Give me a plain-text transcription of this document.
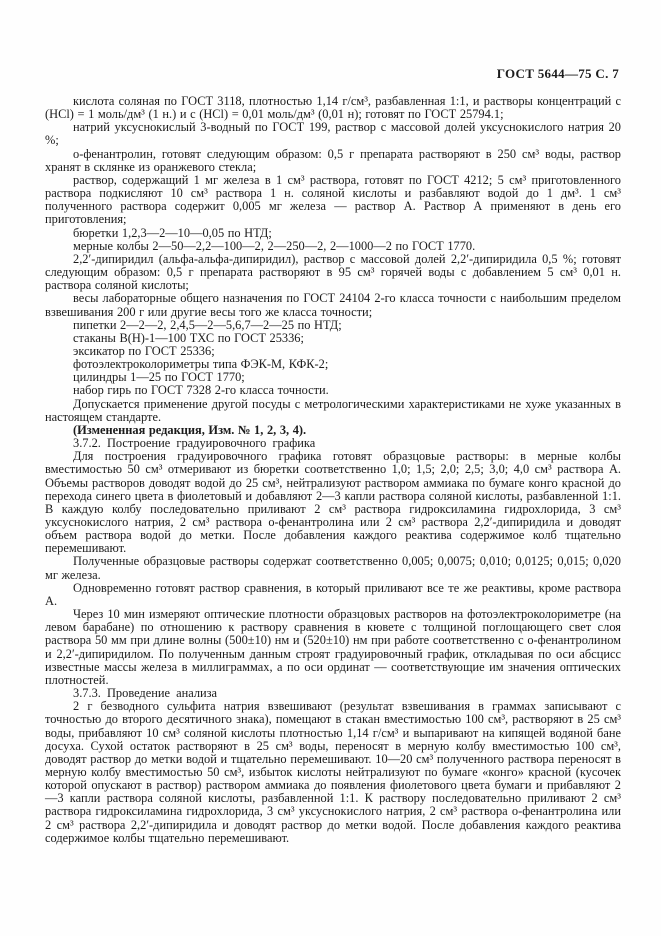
ГОСТ 5644—75 С. 7

кислота соляная по ГОСТ 3118, плотностью 1,14 г/см³, разбавленная 1:1, и растворы концентраций с (HCl) = 1 моль/дм³ (1 н.) и с (HCl) = 0,01 моль/дм³ (0,01 н); готовят по ГОСТ 25794.1;

натрий уксуснокислый 3-водный по ГОСТ 199, раствор с массовой долей уксуснокислого натрия 20 %;

о-фенантролин, готовят следующим образом: 0,5 г препарата растворяют в 250 см³ воды, раствор хранят в склянке из оранжевого стекла;

раствор, содержащий 1 мг железа в 1 см³ раствора, готовят по ГОСТ 4212; 5 см³ приготовленного раствора подкисляют 10 см³ раствора 1 н. соляной кислоты и разбавляют водой до 1 дм³. 1 см³ полученного раствора содержит 0,005 мг железа — раствор А. Раствор А применяют в день его приготовления;

бюретки 1,2,3—2—10—0,05 по НТД;

мерные колбы 2—50—2,2—100—2, 2—250—2, 2—1000—2 по ГОСТ 1770.

2,2′-дипиридил (альфа-альфа-дипиридил), раствор с массовой долей 2,2′-дипиридила 0,5 %; готовят следующим образом: 0,5 г препарата растворяют в 95 см³ горячей воды с добавлением 5 см³ 0,01 н. раствора соляной кислоты;

весы лабораторные общего назначения по ГОСТ 24104 2-го класса точности с наибольшим пределом взвешивания 200 г или другие весы того же класса точности;

пипетки 2—2—2, 2,4,5—2—5,6,7—2—25 по НТД;

стаканы В(Н)-1—100 ТХС по ГОСТ 25336;

эксикатор по ГОСТ 25336;

фотоэлектроколориметры типа ФЭК-М, КФК-2;

цилиндры 1—25 по ГОСТ 1770;

набор гирь по ГОСТ 7328 2-го класса точности.

Допускается применение другой посуды с метрологическими характеристиками не хуже указанных в настоящем стандарте.

(Измененная редакция, Изм. № 1, 2, 3, 4).

3.7.2. Построение градуировочного графика

Для построения градуировочного графика готовят образцовые растворы: в мерные колбы вместимостью 50 см³ отмеривают из бюретки соответственно 1,0; 1,5; 2,0; 2,5; 3,0; 4,0 см³ раствора А. Объемы растворов доводят водой до 25 см³, нейтрализуют раствором аммиака по бумаге конго красной до перехода синего цвета в фиолетовый и добавляют 2—3 капли раствора соляной кислоты, разбавленной 1:1. В каждую колбу последовательно приливают 2 см³ раствора гидроксиламина гидрохлорида, 3 см³ уксуснокислого натрия, 2 см³ раствора о-фенантролина или 2 см³ раствора 2,2′-дипиридила и доводят объем раствора водой до метки. После добавления каждого реактива содержимое колб тщательно перемешивают.

Полученные образцовые растворы содержат соответственно 0,005; 0,0075; 0,010; 0,0125; 0,015; 0,020 мг железа.

Одновременно готовят раствор сравнения, в который приливают все те же реактивы, кроме раствора А.

Через 10 мин измеряют оптические плотности образцовых растворов на фотоэлектроколориметре (на левом барабане) по отношению к раствору сравнения в кювете с толщиной поглощающего свет слоя раствора 50 мм при длине волны (500±10) нм и (520±10) нм при работе соответственно с о-фенантролином и 2,2′-дипиридилом. По полученным данным строят градуировочный график, откладывая по оси абсцисс известные массы железа в миллиграммах, а по оси ординат — соответствующие им значения оптических плотностей.

3.7.3. Проведение анализа

2 г безводного сульфита натрия взвешивают (результат взвешивания в граммах записывают с точностью до второго десятичного знака), помещают в стакан вместимостью 100 см³, растворяют в 25 см³ воды, прибавляют 10 см³ соляной кислоты плотностью 1,14 г/см³ и выпаривают на кипящей водяной бане досуха. Сухой остаток растворяют в 25 см³ воды, переносят в мерную колбу вместимостью 100 см³, доводят раствор до метки водой и тщательно перемешивают. 10—20 см³ полученного раствора переносят в мерную колбу вместимостью 50 см³, избыток кислоты нейтрализуют по бумаге «конго» красной (кусочек которой опускают в раствор) раствором аммиака до появления фиолетового цвета бумаги и прибавляют 2—3 капли раствора соляной кислоты, разбавленной 1:1. К раствору последовательно приливают 2 см³ раствора гидроксиламина гидрохлорида, 3 см³ уксуснокислого натрия, 2 см³ раствора о-фенантролина или 2 см³ раствора 2,2′-дипиридила и доводят раствор до метки водой. После добавления каждого реактива содержимое колбы тщательно перемешивают.
